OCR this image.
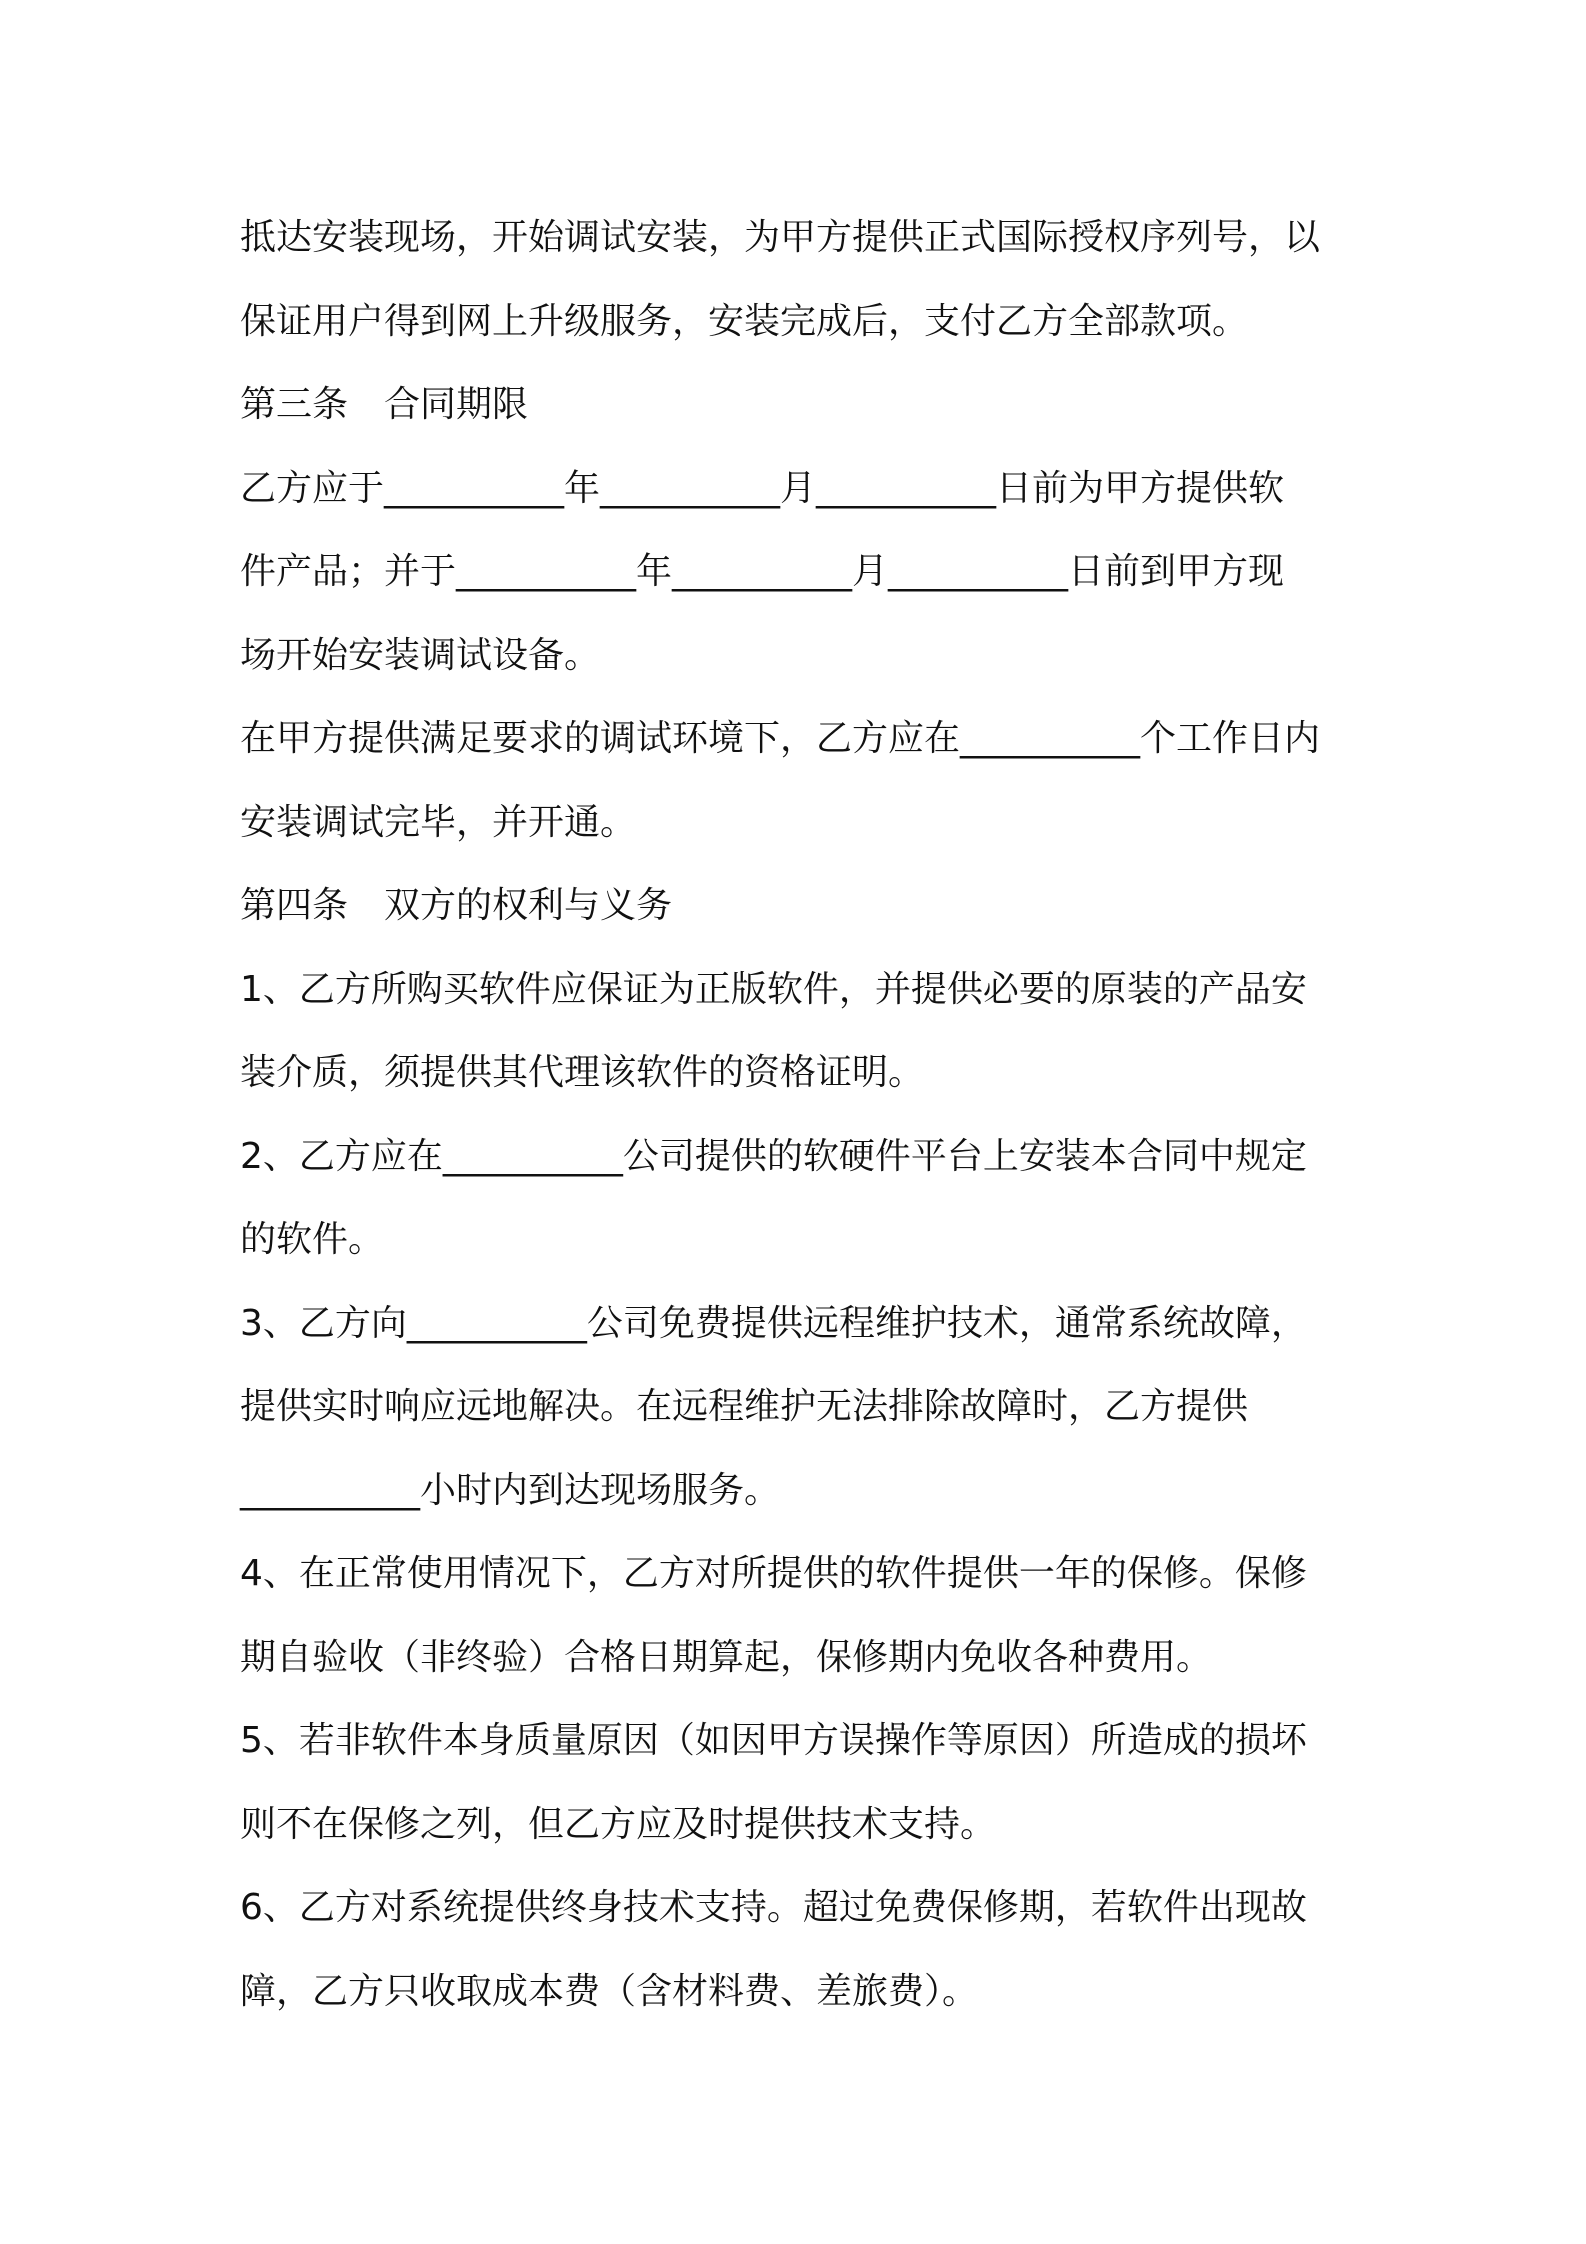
抵达安装现场，开始调试安装，为甲方提供正式国际授权序列号，以
保证用户得到网上升级服务，安装完成后，支付乙方全部款项。
第三条　合同期限
乙方应于__________年__________月__________日前为甲方提供软
件产品；并于__________年__________月__________日前到甲方现
场开始安装调试设备。
在甲方提供满足要求的调试环境下，乙方应在__________个工作日内
安装调试完毕，并开通。
第四条　双方的权利与义务
1、乙方所购买软件应保证为正版软件，并提供必要的原装的产品安
装介质，须提供其代理该软件的资格证明。
2、乙方应在__________公司提供的软硬件平台上安装本合同中规定
的软件。
3、乙方向__________公司免费提供远程维护技术，通常系统故障，
提供实时响应远地解决。在远程维护无法排除故障时，乙方提供
__________小时内到达现场服务。
4、在正常使用情况下，乙方对所提供的软件提供一年的保修。保修
期自验收（非终验）合格日期算起，保修期内免收各种费用。
5、若非软件本身质量原因（如因甲方误操作等原因）所造成的损坏
则不在保修之列，但乙方应及时提供技术支持。
6、乙方对系统提供终身技术支持。超过免费保修期，若软件出现故
障，乙方只收取成本费（含材料费、差旅费）。
